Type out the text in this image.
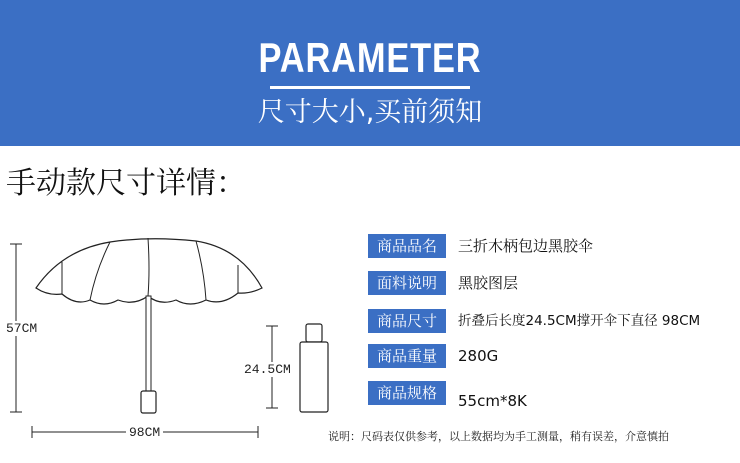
PARAMETER
尺寸大小,买前须知
手动款尺寸详情：
57CM
98CM
24.5CM
商品品名	三折木柄包边黑胶伞
面料说明	黑胶图层
商品尺寸	折叠后长度24.5CM撑开伞下直径 98CM
商品重量	280G
商品规格	55cm*8K
说明：尺码表仅供参考，以上数据均为手工测量，稍有误差，介意慎拍
